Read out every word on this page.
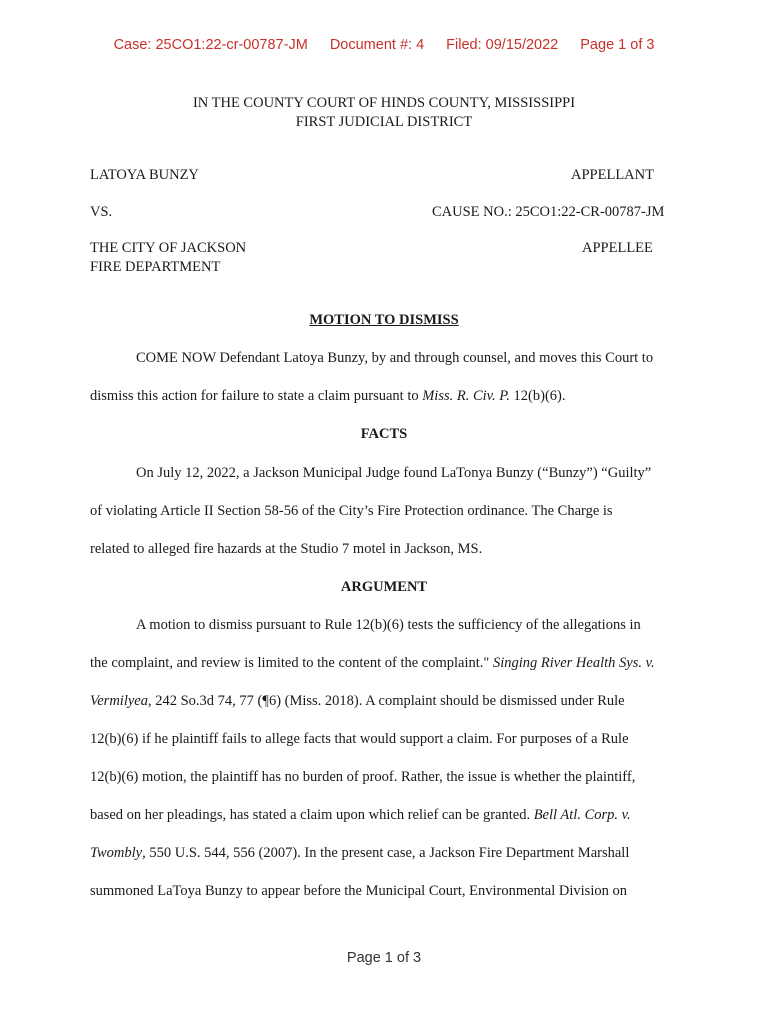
Case: 25CO1:22-cr-00787-JM Document #: 4 Filed: 09/15/2022 Page 1 of 3
IN THE COUNTY COURT OF HINDS COUNTY, MISSISSIPPI
FIRST JUDICIAL DISTRICT
LATOYA BUNZY	APPELLANT
VS.	CAUSE NO.: 25CO1:22-CR-00787-JM
THE CITY OF JACKSON	APPELLEE
FIRE DEPARTMENT
MOTION TO DISMISS
COME NOW Defendant Latoya Bunzy, by and through counsel, and moves this Court to
dismiss this action for failure to state a claim pursuant to Miss. R. Civ. P. 12(b)(6).
FACTS
On July 12, 2022, a Jackson Municipal Judge found LaTonya Bunzy (“Bunzy”) “Guilty”
of violating Article II Section 58-56 of the City’s Fire Protection ordinance. The Charge is
related to alleged fire hazards at the Studio 7 motel in Jackson, MS.
ARGUMENT
A motion to dismiss pursuant to Rule 12(b)(6) tests the sufficiency of the allegations in
the complaint, and review is limited to the content of the complaint." Singing River Health Sys. v.
Vermilyea, 242 So.3d 74, 77 (¶6) (Miss. 2018). A complaint should be dismissed under Rule
12(b)(6) if he plaintiff fails to allege facts that would support a claim. For purposes of a Rule
12(b)(6) motion, the plaintiff has no burden of proof. Rather, the issue is whether the plaintiff,
based on her pleadings, has stated a claim upon which relief can be granted. Bell Atl. Corp. v.
Twombly, 550 U.S. 544, 556 (2007). In the present case, a Jackson Fire Department Marshall
summoned LaToya Bunzy to appear before the Municipal Court, Environmental Division on
Page 1 of 3
